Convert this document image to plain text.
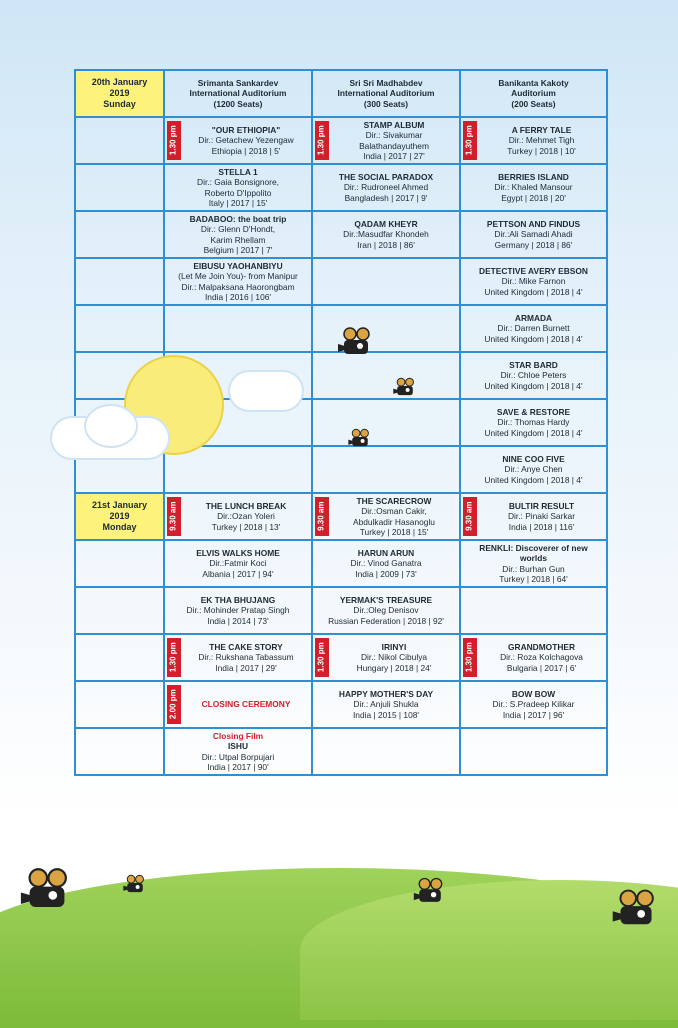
20th January
2019
Sunday	Srimanta Sankardev
International Auditorium
(1200 Seats)	Sri Sri Madhabdev
International Auditorium
(300 Seats)	Banikanta Kakoty
Auditorium
(200 Seats)

	1.30 pm "OUR ETHIOPIA"
Dir.: Getachew Yezengaw
Ethiopia | 2018 | 5'	1.30 pm
STAMP ALBUM
Dir.: Sivakumar Balathandayuthem
India | 2017 | 27'	1.30 pm A FERRY TALE
Dir.: Mehmet Tigh
Turkey | 2018 | 10'

	STELLA 1
Dir.: Gaia Bonsignore,
Roberto D'Ippolito
Italy | 2017 | 15'	THE SOCIAL PARADOX
Dir.: Rudroneel Ahmed
Bangladesh | 2017 | 9'	BERRIES ISLAND
Dir.: Khaled Mansour
Egypt | 2018 | 20'

	BADABOO: the boat trip
Dir.: Glenn D'Hondt,
Karim Rhellam
Belgium | 2017 | 7'	QADAM KHEYR
Dir.:Masudfar Khondeh
Iran | 2018 | 86'	PETTSON AND FINDUS
Dir.:Ali Samadi Ahadi
Germany | 2018 | 86'

	EIBUSU YAOHANBIYU
(Let Me Join You)- from Manipur
Dir.: Malpaksana Haorongbam
India | 2016 | 106'		DETECTIVE AVERY EBSON
Dir.: Mike Farnon
United Kingdom | 2018 | 4'

			ARMADA
Dir.: Darren Burnett
United Kingdom | 2018 | 4'

			STAR BARD
Dir.: Chloe Peters
United Kingdom | 2018 | 4'

			SAVE & RESTORE
Dir.: Thomas Hardy
United Kingdom | 2018 | 4'

			NINE COO FIVE
Dir.: Anye Chen
United Kingdom | 2018 | 4'

21st January
2019
Monday	9.30 am THE LUNCH BREAK
Dir.:Ozan Yoleri
Turkey | 2018 | 13'	9.30 am
THE SCARECROW
Dir.:Osman Cakir,
Abdulkadir Hasanoglu
Turkey | 2018 | 15'	9.30 am BULTIR RESULT
Dir.: Pinaki Sarkar
India | 2018 | 116'

	ELVIS WALKS HOME
Dir.:Fatmir Koci
Albania | 2017 | 94'	HARUN ARUN
Dir.: Vinod Ganatra
India | 2009 | 73'	RENKLI: Discoverer of new worlds
Dir.: Burhan Gun
Turkey | 2018 | 64'

	EK THA BHUJANG
Dir.: Mohinder Pratap Singh
India | 2014 | 73'	YERMAK'S TREASURE
Dir.:Oleg Denisov
Russian Federation | 2018 | 92'	

	1.30 pm THE CAKE STORY
Dir.: Rukshana Tabassum
India | 2017 | 29'	1.30 pm IRINYI
Dir.: Nikol Cibulya
Hungary | 2018 | 24'	1.30 pm GRANDMOTHER
Dir.: Roza Kolchagova
Bulgaria | 2017 | 6'

	2.00 pm CLOSING CEREMONY	HAPPY MOTHER'S DAY
Dir.: Anjuli Shukla
India | 2015 | 108'	BOW BOW
Dir.: S.Pradeep Kilikar
India | 2017 | 96'

	Closing Film
ISHU
Dir.: Utpal Borpujari
India | 2017 | 90'		
